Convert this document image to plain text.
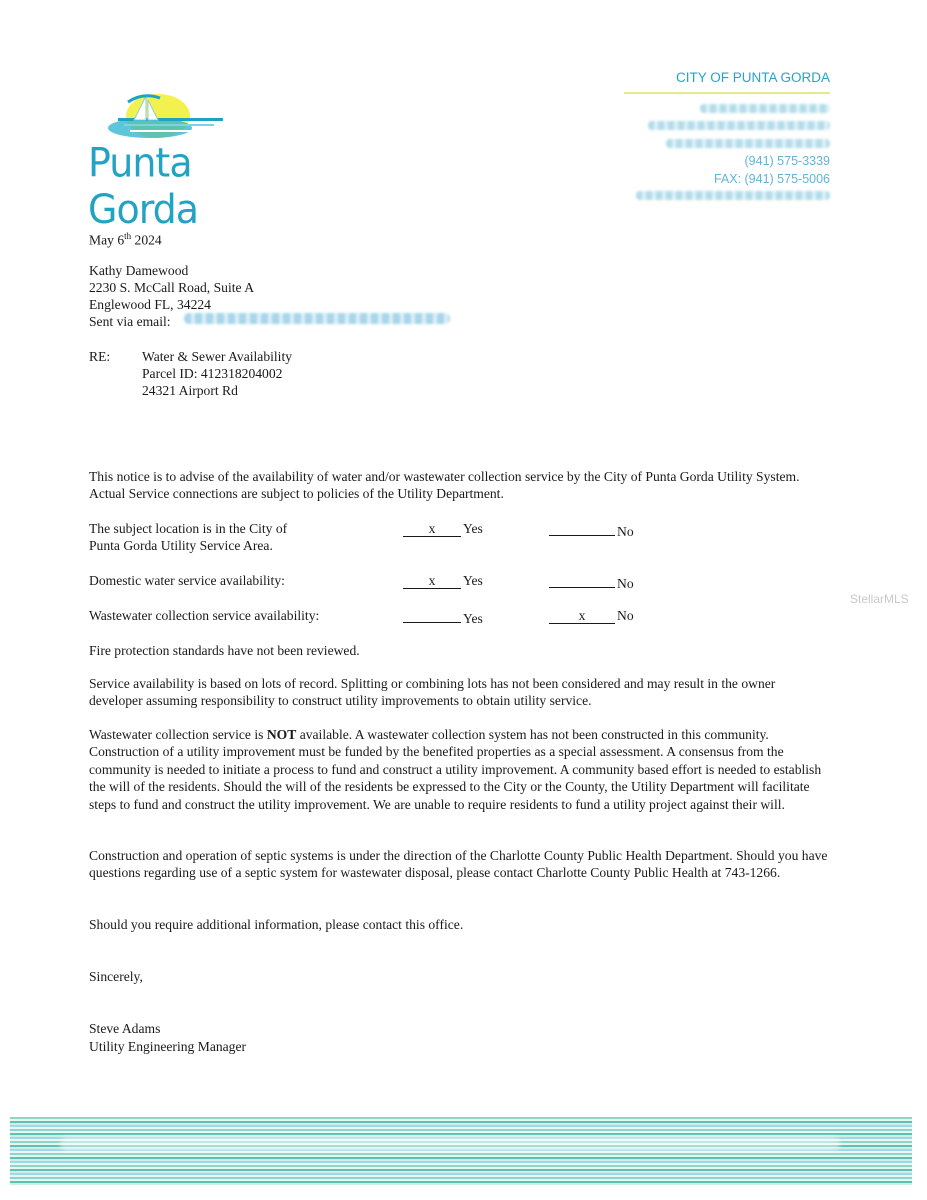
Punta Gorda
CITY OF PUNTA GORDA
(941) 575-3339
FAX: (941) 575-5006
May 6th 2024
Kathy Damewood
2230 S. McCall Road, Suite A
Englewood FL, 34224
Sent via email:
RE: Water & Sewer Availability
Parcel ID: 412318204002
24321 Airport Rd
This notice is to advise of the availability of water and/or wastewater collection service by the City of Punta Gorda Utility System. Actual Service connections are subject to policies of the Utility Department.
The subject location is in the City of
Punta Gorda Utility Service Area.
x Yes	No
Domestic water service availability:	x Yes	No
Wastewater collection service availability:	Yes	x No
StellarMLS
Fire protection standards have not been reviewed.
Service availability is based on lots of record. Splitting or combining lots has not been considered and may result in the owner developer assuming responsibility to construct utility improvements to obtain utility service.
Wastewater collection service is NOT available. A wastewater collection system has not been constructed in this community. Construction of a utility improvement must be funded by the benefited properties as a special assessment. A consensus from the community is needed to initiate a process to fund and construct a utility improvement. A community based effort is needed to establish the will of the residents. Should the will of the residents be expressed to the City or the County, the Utility Department will facilitate steps to fund and construct the utility improvement. We are unable to require residents to fund a utility project against their will.
Construction and operation of septic systems is under the direction of the Charlotte County Public Health Department. Should you have questions regarding use of a septic system for wastewater disposal, please contact Charlotte County Public Health at 743-1266.
Should you require additional information, please contact this office.
Sincerely,
Steve Adams
Utility Engineering Manager
